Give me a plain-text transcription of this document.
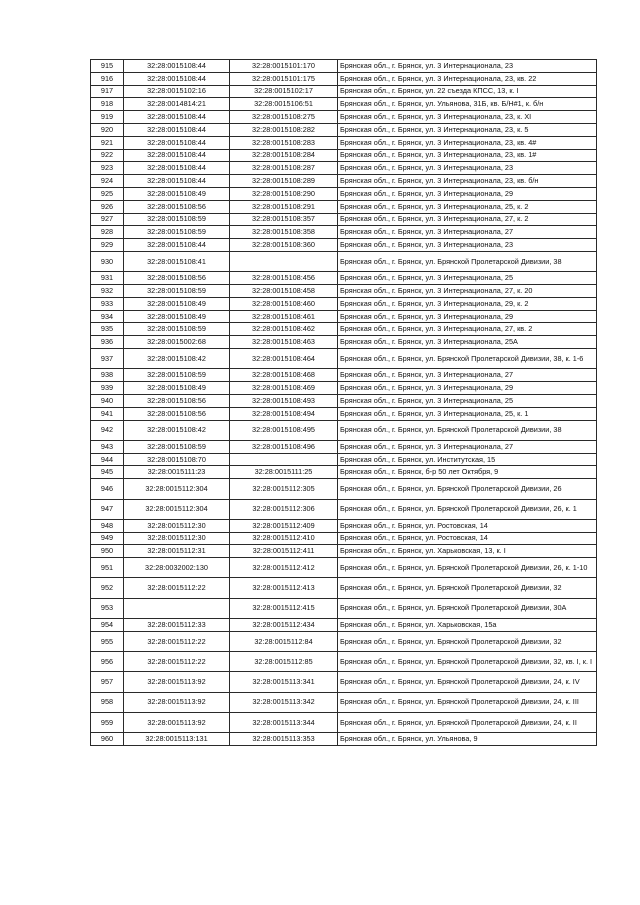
915	32:28:0015108:44	32:28:0015101:170	Брянская обл., г. Брянск, ул. 3 Интернационала, 23
916	32:28:0015108:44	32:28:0015101:175	Брянская обл., г. Брянск, ул. 3 Интернационала, 23, кв. 22
917	32:28:0015102:16	32:28:0015102:17	Брянская обл., г. Брянск, ул. 22 съезда КПСС, 13, к. I
918	32:28:0014814:21	32:28:0015106:51	Брянская обл., г. Брянск, ул. Ульянова, 31Б, кв. Б/Н#1, к. б/н
919	32:28:0015108:44	32:28:0015108:275	Брянская обл., г. Брянск, ул. 3 Интернационала, 23, к. XI
920	32:28:0015108:44	32:28:0015108:282	Брянская обл., г. Брянск, ул. 3 Интернационала, 23, к. 5
921	32:28:0015108:44	32:28:0015108:283	Брянская обл., г. Брянск, ул. 3 Интернационала, 23, кв. 4#
922	32:28:0015108:44	32:28:0015108:284	Брянская обл., г. Брянск, ул. 3 Интернационала, 23, кв. 1#
923	32:28:0015108:44	32:28:0015108:287	Брянская обл., г. Брянск, ул. 3 Интернационала, 23
924	32:28:0015108:44	32:28:0015108:289	Брянская обл., г. Брянск, ул. 3 Интернационала, 23, кв. б/н
925	32:28:0015108:49	32:28:0015108:290	Брянская обл., г. Брянск, ул. 3 Интернационала, 29
926	32:28:0015108:56	32:28:0015108:291	Брянская обл., г. Брянск, ул. 3 Интернационала, 25, к. 2
927	32:28:0015108:59	32:28:0015108:357	Брянская обл., г. Брянск, ул. 3 Интернационала, 27, к. 2
928	32:28:0015108:59	32:28:0015108:358	Брянская обл., г. Брянск, ул. 3 Интернационала, 27
929	32:28:0015108:44	32:28:0015108:360	Брянская обл., г. Брянск, ул. 3 Интернационала, 23
930	32:28:0015108:41		Брянская обл., г. Брянск, ул. Брянской Пролетарской Дивизии, 38
931	32:28:0015108:56	32:28:0015108:456	Брянская обл., г. Брянск, ул. 3 Интернационала, 25
932	32:28:0015108:59	32:28:0015108:458	Брянская обл., г. Брянск, ул. 3 Интернационала, 27, к. 20
933	32:28:0015108:49	32:28:0015108:460	Брянская обл., г. Брянск, ул. 3 Интернационала, 29, к. 2
934	32:28:0015108:49	32:28:0015108:461	Брянская обл., г. Брянск, ул. 3 Интернационала, 29
935	32:28:0015108:59	32:28:0015108:462	Брянская обл., г. Брянск, ул. 3 Интернационала, 27, кв. 2
936	32:28:0015002:68	32:28:0015108:463	Брянская обл., г. Брянск, ул. 3 Интернационала, 25А
937	32:28:0015108:42	32:28:0015108:464	Брянская обл., г. Брянск, ул. Брянской Пролетарской Дивизии, 38, к. 1-6
938	32:28:0015108:59	32:28:0015108:468	Брянская обл., г. Брянск, ул. 3 Интернационала, 27
939	32:28:0015108:49	32:28:0015108:469	Брянская обл., г. Брянск, ул. 3 Интернационала, 29
940	32:28:0015108:56	32:28:0015108:493	Брянская обл., г. Брянск, ул. 3 Интернационала, 25
941	32:28:0015108:56	32:28:0015108:494	Брянская обл., г. Брянск, ул. 3 Интернационала, 25, к. 1
942	32:28:0015108:42	32:28:0015108:495	Брянская обл., г. Брянск, ул. Брянской Пролетарской Дивизии, 38
943	32:28:0015108:59	32:28:0015108:496	Брянская обл., г. Брянск, ул. 3 Интернационала, 27
944	32:28:0015108:70		Брянская обл., г. Брянск, ул. Институтская, 15
945	32:28:0015111:23	32:28:0015111:25	Брянская обл., г. Брянск, б-р 50 лет Октября, 9
946	32:28:0015112:304	32:28:0015112:305	Брянская обл., г. Брянск, ул. Брянской Пролетарской Дивизии, 26
947	32:28:0015112:304	32:28:0015112:306	Брянская обл., г. Брянск, ул. Брянской Пролетарской Дивизии, 26, к. 1
948	32:28:0015112:30	32:28:0015112:409	Брянская обл., г. Брянск, ул. Ростовская, 14
949	32:28:0015112:30	32:28:0015112:410	Брянская обл., г. Брянск, ул. Ростовская, 14
950	32:28:0015112:31	32:28:0015112:411	Брянская обл., г. Брянск, ул. Харьковская, 13, к. I
951	32:28:0032002:130	32:28:0015112:412	Брянская обл., г. Брянск, ул. Брянской Пролетарской Дивизии, 26, к. 1-10
952	32:28:0015112:22	32:28:0015112:413	Брянская обл., г. Брянск, ул. Брянской Пролетарской Дивизии, 32
953		32:28:0015112:415	Брянская обл., г. Брянск, ул. Брянской Пролетарской Дивизии, 30А
954	32:28:0015112:33	32:28:0015112:434	Брянская обл., г. Брянск, ул. Харьковская, 15а
955	32:28:0015112:22	32:28:0015112:84	Брянская обл., г. Брянск, ул. Брянской Пролетарской Дивизии, 32
956	32:28:0015112:22	32:28:0015112:85	Брянская обл., г. Брянск, ул. Брянской Пролетарской Дивизии, 32, кв. I, к. I
957	32:28:0015113:92	32:28:0015113:341	Брянская обл., г. Брянск, ул. Брянской Пролетарской Дивизии, 24, к. IV
958	32:28:0015113:92	32:28:0015113:342	Брянская обл., г. Брянск, ул. Брянской Пролетарской Дивизии, 24, к. III
959	32:28:0015113:92	32:28:0015113:344	Брянская обл., г. Брянск, ул. Брянской Пролетарской Дивизии, 24, к. II
960	32:28:0015113:131	32:28:0015113:353	Брянская обл., г. Брянск, ул. Ульянова, 9
